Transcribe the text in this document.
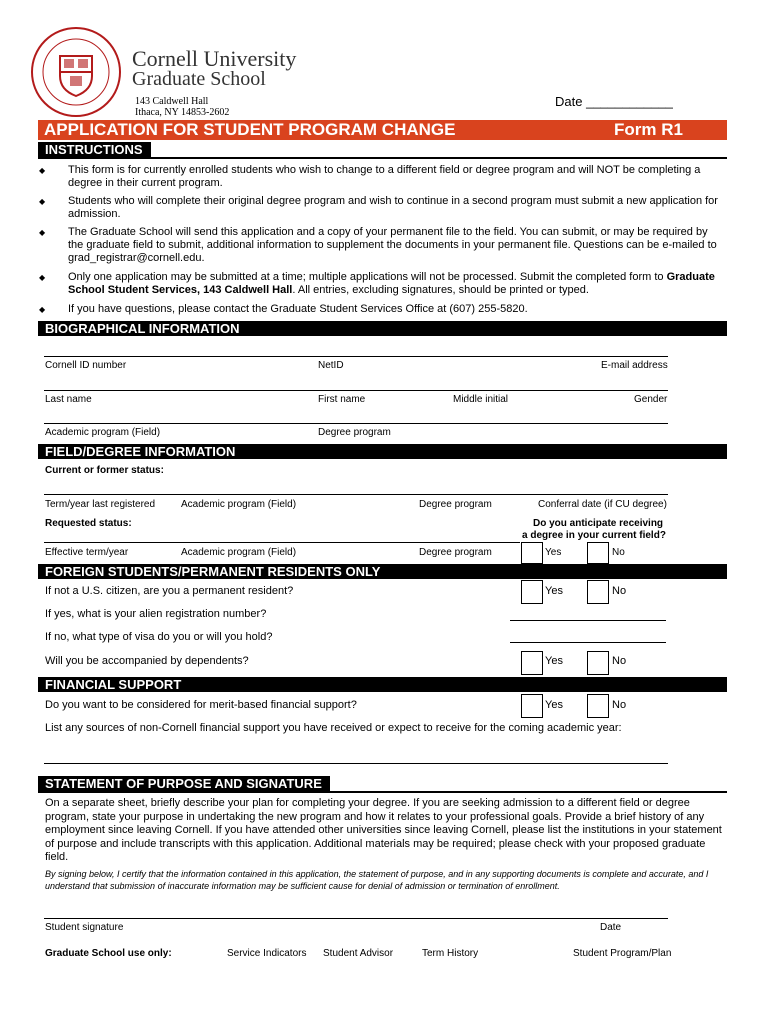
Cornell University
Graduate School
143 Caldwell Hall
Ithaca, NY 14853-2602
Date ____________
APPLICATION FOR STUDENT PROGRAM CHANGE	Form R1
INSTRUCTIONS
◆ This form is for currently enrolled students who wish to change to a different field or degree program and will NOT be completing a degree in their current program.
◆ Students who will complete their original degree program and wish to continue in a second program must submit a new application for admission.
◆ The Graduate School will send this application and a copy of your permanent file to the field. You can submit, or may be required by the graduate field to submit, additional information to supplement the documents in your permanent file. Questions can be e-mailed to grad_registrar@cornell.edu.
◆ Only one application may be submitted at a time; multiple applications will not be processed. Submit the completed form to Graduate School Student Services, 143 Caldwell Hall. All entries, excluding signatures, should be printed or typed.
◆ If you have questions, please contact the Graduate Student Services Office at (607) 255-5820.
BIOGRAPHICAL INFORMATION
Cornell ID number	NetID	E-mail address
Last name	First name	Middle initial	Gender
Academic program (Field)	Degree program
FIELD/DEGREE INFORMATION
Current or former status:
Term/year last registered	Academic program (Field)	Degree program	Conferral date (if CU degree)
Requested status:	Do you anticipate receiving
a degree in your current field?
Effective term/year	Academic program (Field)	Degree program	Yes	No
FOREIGN STUDENTS/PERMANENT RESIDENTS ONLY
If not a U.S. citizen, are you a permanent resident?	Yes	No
If yes, what is your alien registration number?
If no, what type of visa do you or will you hold?
Will you be accompanied by dependents?	Yes	No
FINANCIAL SUPPORT
Do you want to be considered for merit-based financial support?	Yes	No
List any sources of non-Cornell financial support you have received or expect to receive for the coming academic year:
STATEMENT OF PURPOSE AND SIGNATURE
On a separate sheet, briefly describe your plan for completing your degree. If you are seeking admission to a different field or degree program, state your purpose in undertaking the new program and how it relates to your professional goals. Provide a brief history of any employment since leaving Cornell. If you have attended other universities since leaving Cornell, please list the institutions in your statement of purpose and include transcripts with this application. Additional materials may be required; please check with your proposed graduate field.
By signing below, I certify that the information contained in this application, the statement of purpose, and in any supporting documents is complete and accurate, and I understand that submission of inaccurate information may be sufficient cause for denial of admission or termination of enrollment.
Student signature	Date
Graduate School use only:	Service Indicators Student Advisor	Term History	Student Program/Plan
